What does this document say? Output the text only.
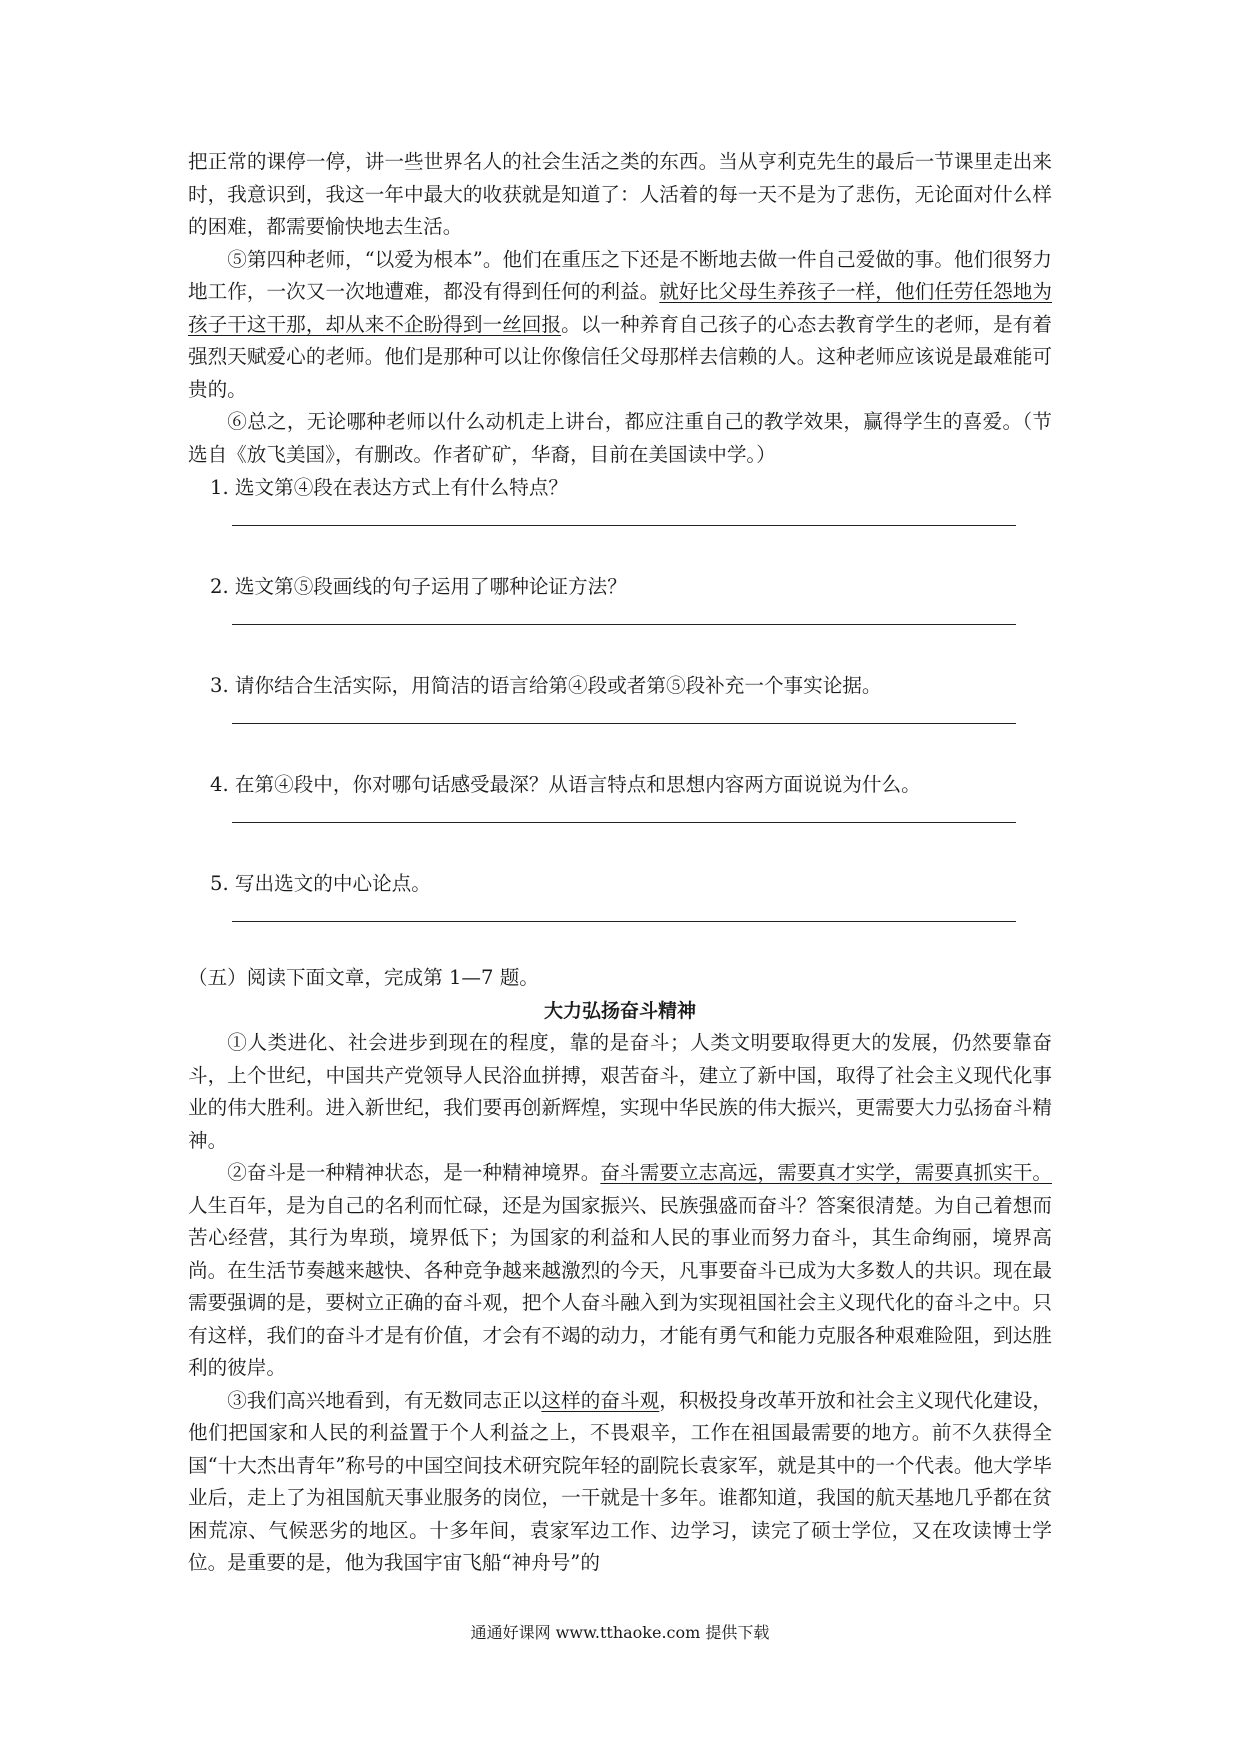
把正常的课停一停，讲一些世界名人的社会生活之类的东西。当从亨利克先生的最后一节课里走出来时，我意识到，我这一年中最大的收获就是知道了：人活着的每一天不是为了悲伤，无论面对什么样的困难，都需要愉快地去生活。

⑤第四种老师，“以爱为根本”。他们在重压之下还是不断地去做一件自己爱做的事。他们很努力地工作，一次又一次地遭难，都没有得到任何的利益。就好比父母生养孩子一样，他们任劳任怨地为孩子干这干那，却从来不企盼得到一丝回报。以一种养育自己孩子的心态去教育学生的老师，是有着强烈天赋爱心的老师。他们是那种可以让你像信任父母那样去信赖的人。这种老师应该说是最难能可贵的。

⑥总之，无论哪种老师以什么动机走上讲台，都应注重自己的教学效果，赢得学生的喜爱。（节选自《放飞美国》，有删改。作者矿矿，华裔，目前在美国读中学。）

1. 选文第④段在表达方式上有什么特点？

2. 选文第⑤段画线的句子运用了哪种论证方法？

3. 请你结合生活实际，用简洁的语言给第④段或者第⑤段补充一个事实论据。

4. 在第④段中，你对哪句话感受最深？从语言特点和思想内容两方面说说为什么。

5. 写出选文的中心论点。

（五）阅读下面文章，完成第 1—7 题。

大力弘扬奋斗精神

①人类进化、社会进步到现在的程度，靠的是奋斗；人类文明要取得更大的发展，仍然要靠奋斗，上个世纪，中国共产党领导人民浴血拼搏，艰苦奋斗，建立了新中国，取得了社会主义现代化事业的伟大胜利。进入新世纪，我们要再创新辉煌，实现中华民族的伟大振兴，更需要大力弘扬奋斗精神。

②奋斗是一种精神状态，是一种精神境界。奋斗需要立志高远，需要真才实学，需要真抓实干。人生百年，是为自己的名利而忙碌，还是为国家振兴、民族强盛而奋斗？答案很清楚。为自己着想而苦心经营，其行为卑琐，境界低下；为国家的利益和人民的事业而努力奋斗，其生命绚丽，境界高尚。在生活节奏越来越快、各种竞争越来越激烈的今天，凡事要奋斗已成为大多数人的共识。现在最需要强调的是，要树立正确的奋斗观，把个人奋斗融入到为实现祖国社会主义现代化的奋斗之中。只有这样，我们的奋斗才是有价值，才会有不竭的动力，才能有勇气和能力克服各种艰难险阻，到达胜利的彼岸。

③我们高兴地看到，有无数同志正以这样的奋斗观，积极投身改革开放和社会主义现代化建设，他们把国家和人民的利益置于个人利益之上，不畏艰辛，工作在祖国最需要的地方。前不久获得全国“十大杰出青年”称号的中国空间技术研究院年轻的副院长袁家军，就是其中的一个代表。他大学毕业后，走上了为祖国航天事业服务的岗位，一干就是十多年。谁都知道，我国的航天基地几乎都在贫困荒凉、气候恶劣的地区。十多年间，袁家军边工作、边学习，读完了硕士学位，又在攻读博士学位。是重要的是，他为我国宇宙飞船“神舟号”的

通通好课网 www.tthaoke.com 提供下载
